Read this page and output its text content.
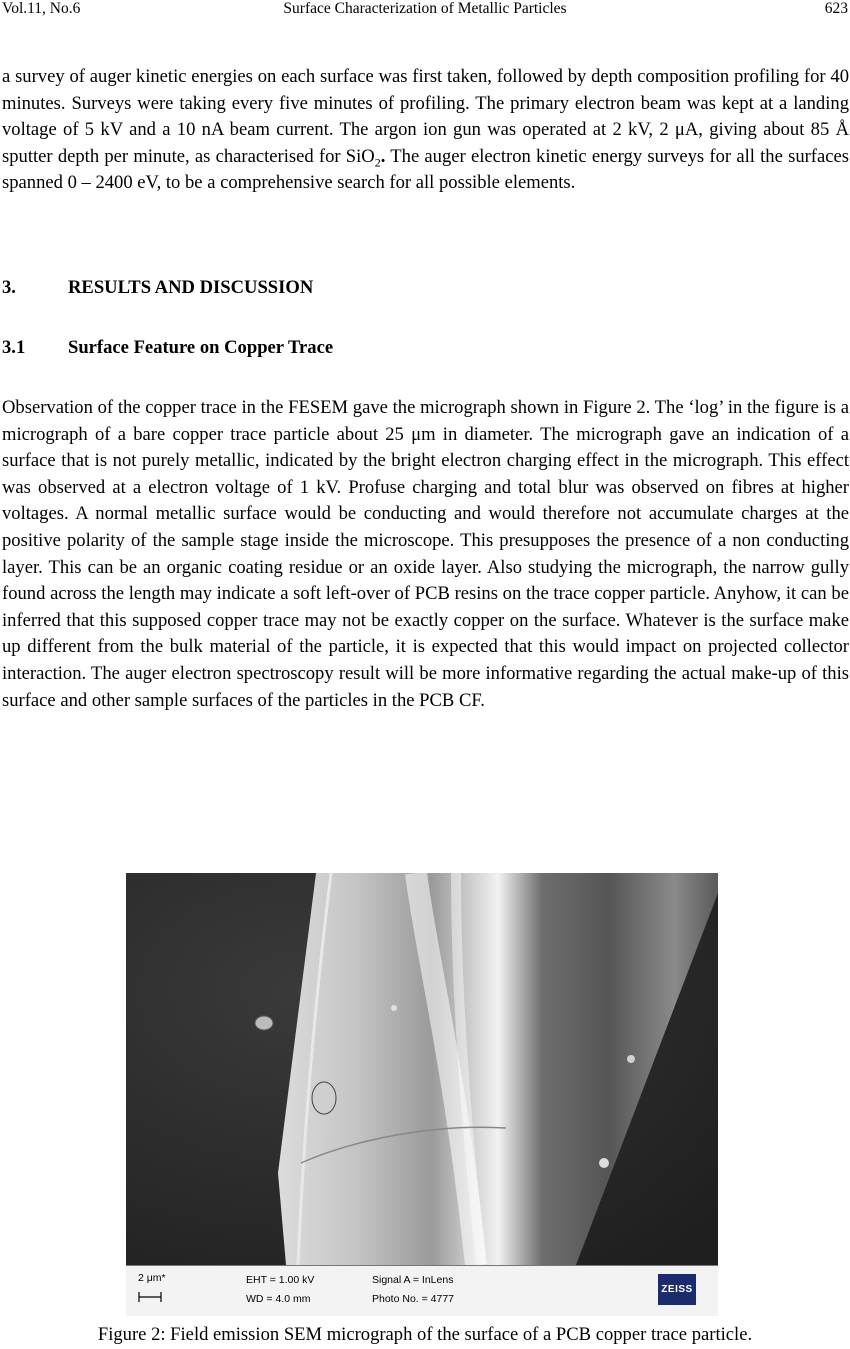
Vol.11, No.6	Surface Characterization of Metallic Particles	623

a survey of auger kinetic energies on each surface was first taken, followed by depth composition profiling for 40 minutes. Surveys were taking every five minutes of profiling. The primary electron beam was kept at a landing voltage of 5 kV and a 10 nA beam current. The argon ion gun was operated at 2 kV, 2 μA, giving about 85 Å sputter depth per minute, as characterised for SiO$_2$. The auger electron kinetic energy surveys for all the surfaces spanned 0 – 2400 eV, to be a comprehensive search for all possible elements.

3.	RESULTS AND DISCUSSION
3.1 Surface Feature on Copper Trace

Observation of the copper trace in the FESEM gave the micrograph shown in Figure 2. The ‘log’ in the figure is a micrograph of a bare copper trace particle about 25 μm in diameter. The micrograph gave an indication of a surface that is not purely metallic, indicated by the bright electron charging effect in the micrograph. This effect was observed at a electron voltage of 1 kV. Profuse charging and total blur was observed on fibres at higher voltages. A normal metallic surface would be conducting and would therefore not accumulate charges at the positive polarity of the sample stage inside the microscope. This presupposes the presence of a non conducting layer. This can be an organic coating residue or an oxide layer. Also studying the micrograph, the narrow gully found across the length may indicate a soft left-over of PCB resins on the trace copper particle. Anyhow, it can be inferred that this supposed copper trace may not be exactly copper on the surface. Whatever is the surface make up different from the bulk material of the particle, it is expected that this would impact on projected collector interaction. The auger electron spectroscopy result will be more informative regarding the actual make-up of this surface and other sample surfaces of the particles in the PCB CF.

2 μm*	EHT = 1.00 kV
WD = 4.0 mm
Signal A = InLens
Photo No. = 4777
ZEISS
Figure 2: Field emission SEM micrograph of the surface of a PCB copper trace particle.
